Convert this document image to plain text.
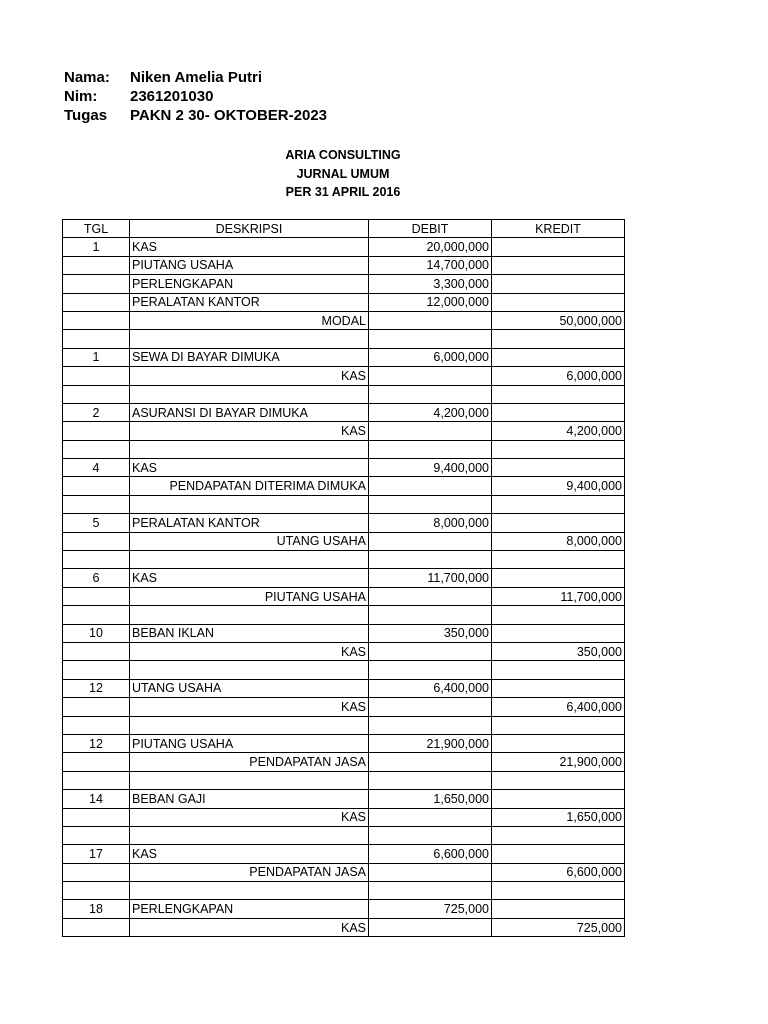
Nama:	Niken Amelia Putri
Nim:	2361201030
Tugas	PAKN 2 30- OKTOBER-2023
ARIA CONSULTING
JURNAL UMUM
PER 31 APRIL 2016
TGL	DESKRIPSI	DEBIT	KREDIT
1	KAS	20,000,000	
	PIUTANG USAHA	14,700,000	
	PERLENGKAPAN	3,300,000	
	PERALATAN KANTOR	12,000,000	
	MODAL		50,000,000

1	SEWA DI BAYAR DIMUKA	6,000,000	
	KAS		6,000,000

2	ASURANSI DI BAYAR DIMUKA	4,200,000	
	KAS		4,200,000

4	KAS	9,400,000	
	PENDAPATAN DITERIMA DIMUKA		9,400,000

5	PERALATAN KANTOR	8,000,000	
	UTANG USAHA		8,000,000

6	KAS	11,700,000	
	PIUTANG USAHA		11,700,000

10	BEBAN IKLAN	350,000	
	KAS		350,000

12	UTANG USAHA	6,400,000	
	KAS		6,400,000

12	PIUTANG USAHA	21,900,000	
	PENDAPATAN JASA		21,900,000

14	BEBAN GAJI	1,650,000	
	KAS		1,650,000

17	KAS	6,600,000	
	PENDAPATAN JASA		6,600,000

18	PERLENGKAPAN	725,000	
	KAS		725,000
